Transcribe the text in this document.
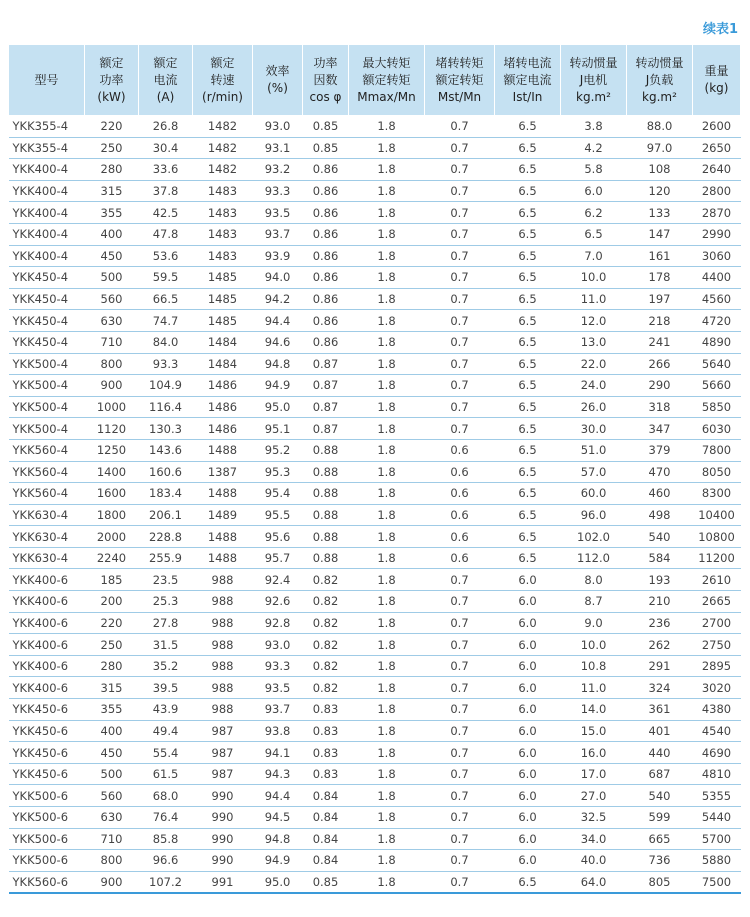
续表1
型号	额定
功率
(kW)	额定
电流
(A)	额定
转速
(r/min)	效率
(%)	功率
因数
cos φ	最大转矩
额定转矩
Mmax/Mn	堵转转矩
额定转矩
Mst/Mn	堵转电流
额定电流
Ist/In	转动惯量
J电机
kg.m²	转动惯量
J负载
kg.m²	重量
(kg)

YKK355-4	220	26.8	1482	93.0	0.85	1.8	0.7	6.5	3.8	88.0	2600
YKK355-4	250	30.4	1482	93.1	0.85	1.8	0.7	6.5	4.2	97.0	2650
YKK400-4	280	33.6	1482	93.2	0.86	1.8	0.7	6.5	5.8	108	2640
YKK400-4	315	37.8	1483	93.3	0.86	1.8	0.7	6.5	6.0	120	2800
YKK400-4	355	42.5	1483	93.5	0.86	1.8	0.7	6.5	6.2	133	2870
YKK400-4	400	47.8	1483	93.7	0.86	1.8	0.7	6.5	6.5	147	2990
YKK400-4	450	53.6	1483	93.9	0.86	1.8	0.7	6.5	7.0	161	3060
YKK450-4	500	59.5	1485	94.0	0.86	1.8	0.7	6.5	10.0	178	4400
YKK450-4	560	66.5	1485	94.2	0.86	1.8	0.7	6.5	11.0	197	4560
YKK450-4	630	74.7	1485	94.4	0.86	1.8	0.7	6.5	12.0	218	4720
YKK450-4	710	84.0	1484	94.6	0.86	1.8	0.7	6.5	13.0	241	4890
YKK500-4	800	93.3	1484	94.8	0.87	1.8	0.7	6.5	22.0	266	5640
YKK500-4	900	104.9	1486	94.9	0.87	1.8	0.7	6.5	24.0	290	5660
YKK500-4	1000	116.4	1486	95.0	0.87	1.8	0.7	6.5	26.0	318	5850
YKK500-4	1120	130.3	1486	95.1	0.87	1.8	0.7	6.5	30.0	347	6030
YKK560-4	1250	143.6	1488	95.2	0.88	1.8	0.6	6.5	51.0	379	7800
YKK560-4	1400	160.6	1387	95.3	0.88	1.8	0.6	6.5	57.0	470	8050
YKK560-4	1600	183.4	1488	95.4	0.88	1.8	0.6	6.5	60.0	460	8300
YKK630-4	1800	206.1	1489	95.5	0.88	1.8	0.6	6.5	96.0	498	10400
YKK630-4	2000	228.8	1488	95.6	0.88	1.8	0.6	6.5	102.0	540	10800
YKK630-4	2240	255.9	1488	95.7	0.88	1.8	0.6	6.5	112.0	584	11200
YKK400-6	185	23.5	988	92.4	0.82	1.8	0.7	6.0	8.0	193	2610
YKK400-6	200	25.3	988	92.6	0.82	1.8	0.7	6.0	8.7	210	2665
YKK400-6	220	27.8	988	92.8	0.82	1.8	0.7	6.0	9.0	236	2700
YKK400-6	250	31.5	988	93.0	0.82	1.8	0.7	6.0	10.0	262	2750
YKK400-6	280	35.2	988	93.3	0.82	1.8	0.7	6.0	10.8	291	2895
YKK400-6	315	39.5	988	93.5	0.82	1.8	0.7	6.0	11.0	324	3020
YKK450-6	355	43.9	988	93.7	0.83	1.8	0.7	6.0	14.0	361	4380
YKK450-6	400	49.4	987	93.8	0.83	1.8	0.7	6.0	15.0	401	4540
YKK450-6	450	55.4	987	94.1	0.83	1.8	0.7	6.0	16.0	440	4690
YKK450-6	500	61.5	987	94.3	0.83	1.8	0.7	6.0	17.0	687	4810
YKK500-6	560	68.0	990	94.4	0.84	1.8	0.7	6.0	27.0	540	5355
YKK500-6	630	76.4	990	94.5	0.84	1.8	0.7	6.0	32.5	599	5440
YKK500-6	710	85.8	990	94.8	0.84	1.8	0.7	6.0	34.0	665	5700
YKK500-6	800	96.6	990	94.9	0.84	1.8	0.7	6.0	40.0	736	5880
YKK560-6	900	107.2	991	95.0	0.85	1.8	0.7	6.5	64.0	805	7500
